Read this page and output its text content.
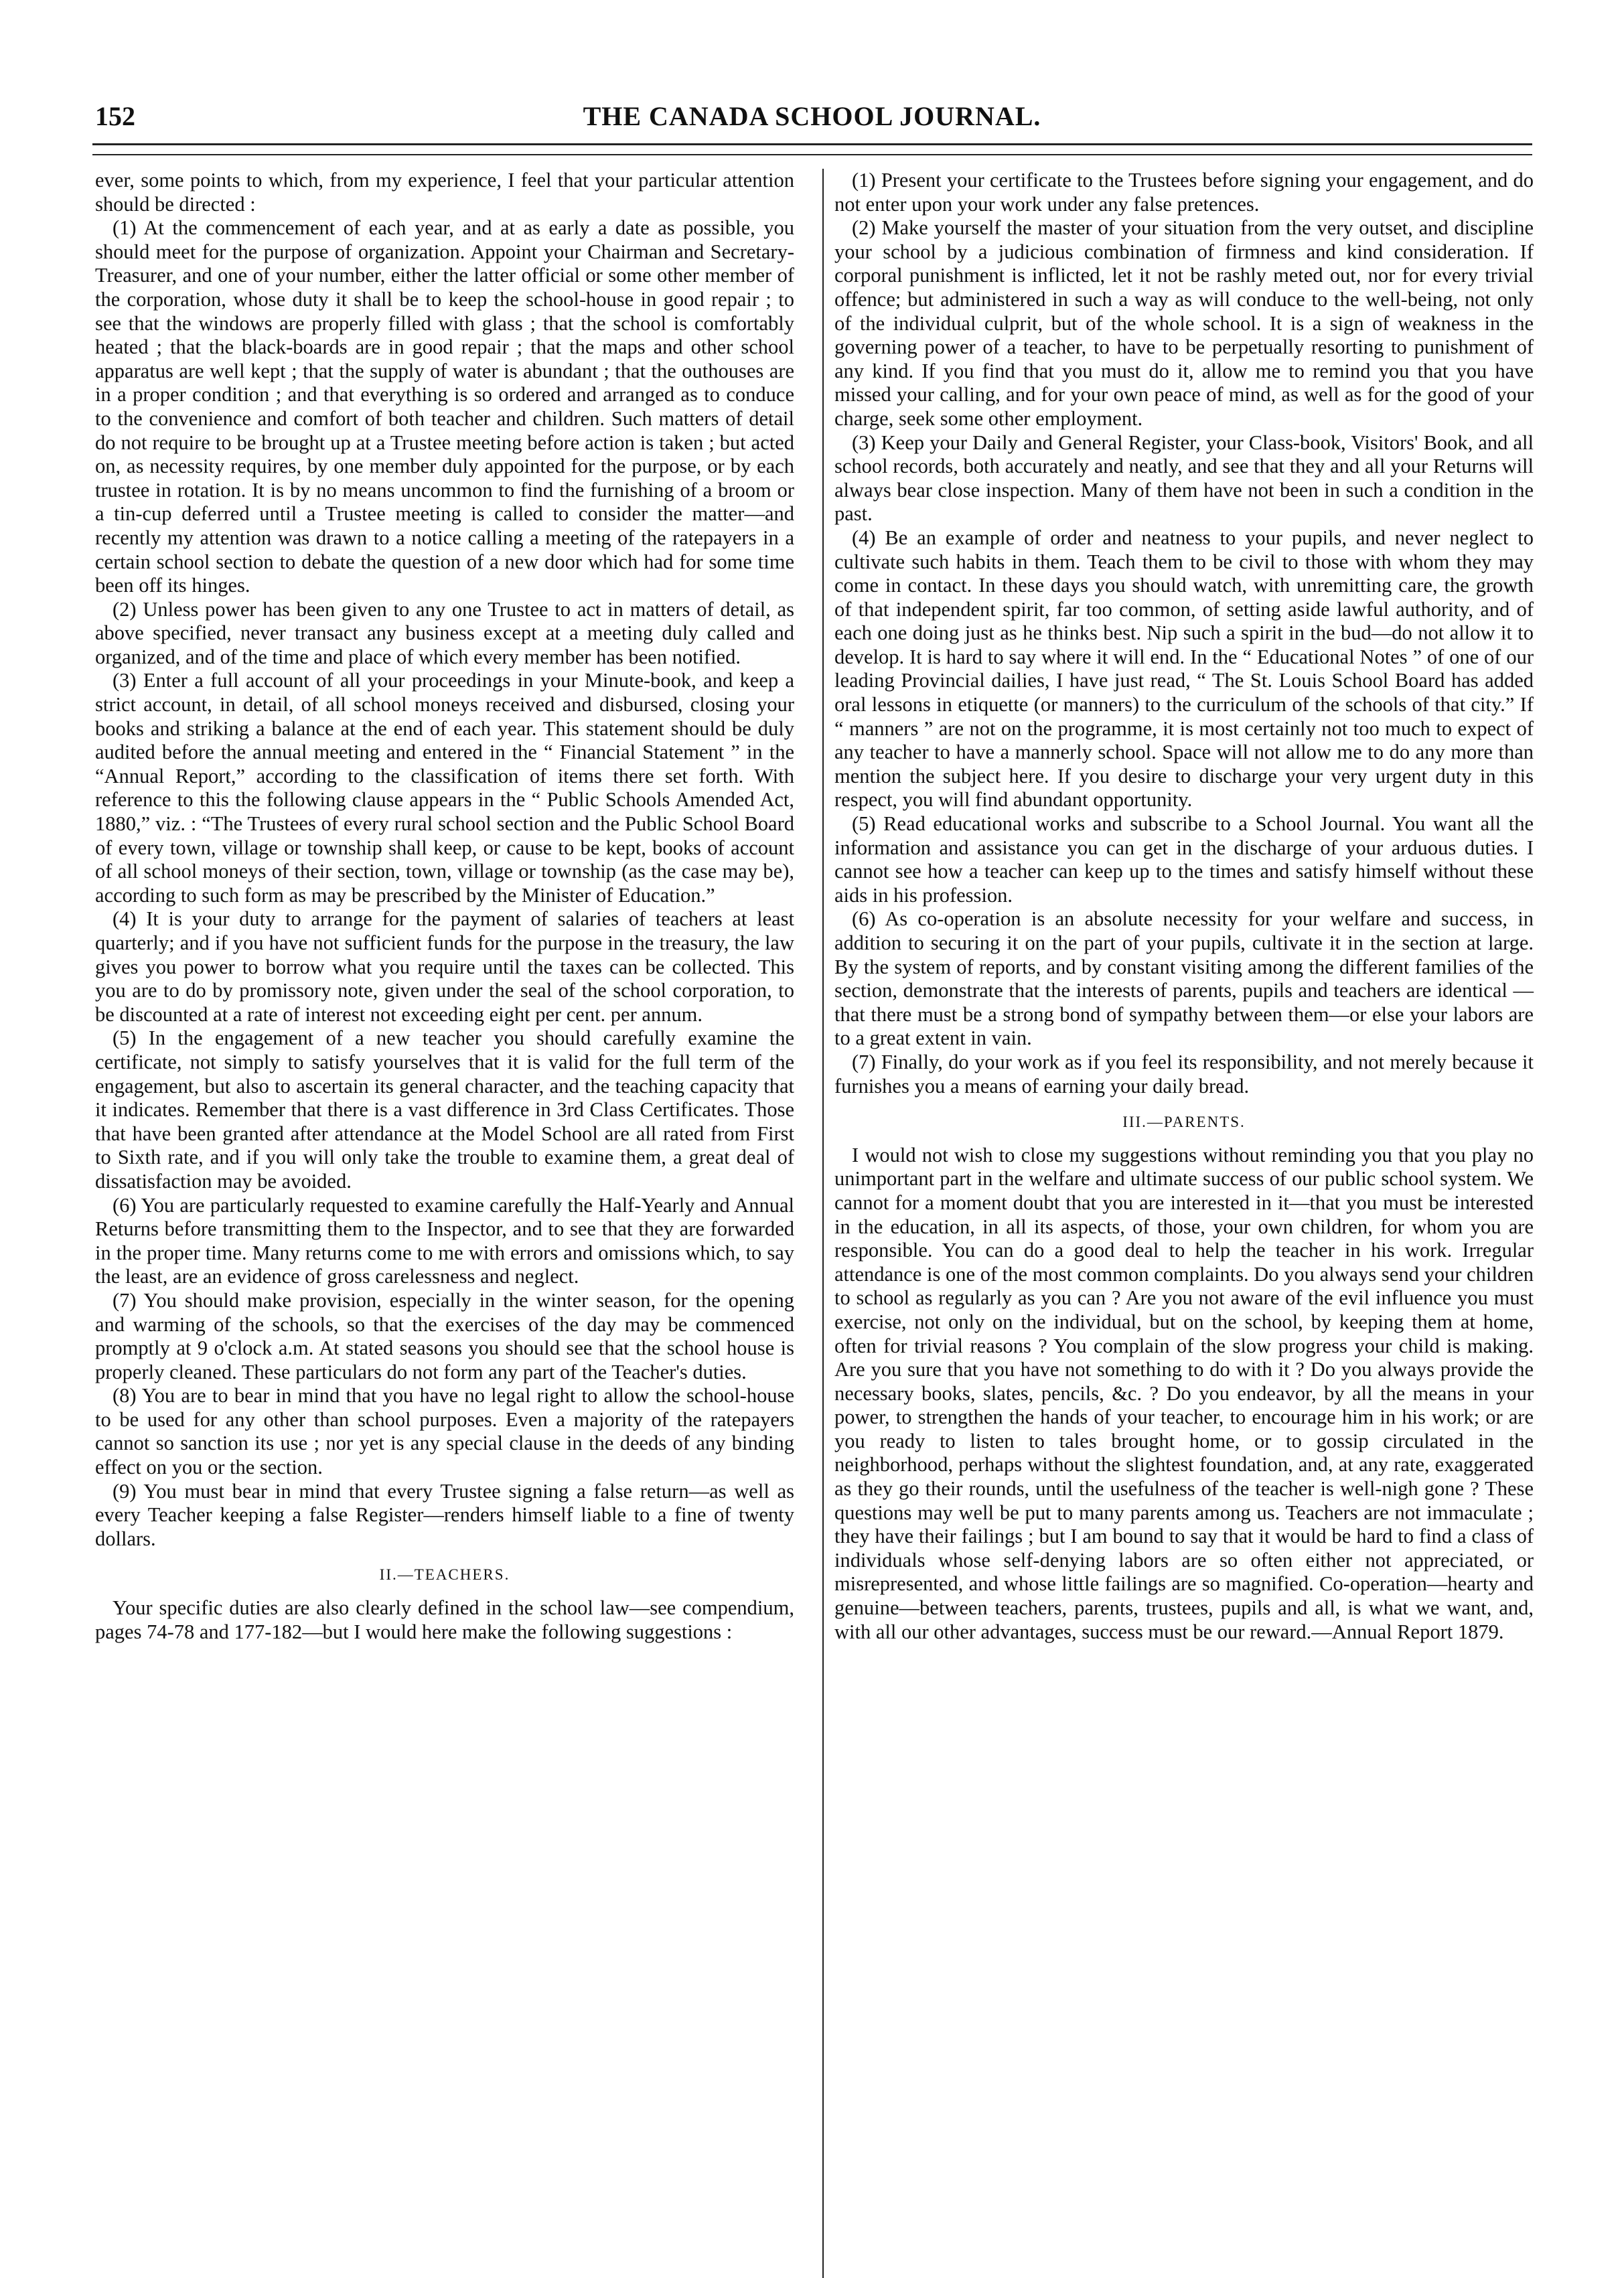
152	THE CANADA SCHOOL JOURNAL.

ever, some points to which, from my experience, I feel that your particular attention should be directed :

(1) At the commencement of each year, and at as early a date as possible, you should meet for the purpose of organization. Appoint your Chairman and Secretary-Treasurer, and one of your number, either the latter official or some other member of the corporation, whose duty it shall be to keep the school-house in good repair ; to see that the windows are properly filled with glass ; that the school is comfortably heated ; that the black-boards are in good repair ; that the maps and other school apparatus are well kept ; that the supply of water is abundant ; that the outhouses are in a proper condition ; and that everything is so ordered and arranged as to conduce to the convenience and comfort of both teacher and children. Such matters of detail do not require to be brought up at a Trustee meeting before action is taken ; but acted on, as necessity requires, by one member duly appointed for the purpose, or by each trustee in rotation. It is by no means uncommon to find the furnishing of a broom or a tin-cup deferred until a Trustee meeting is called to consider the matter—and recently my attention was drawn to a notice calling a meeting of the ratepayers in a certain school section to debate the question of a new door which had for some time been off its hinges.

(2) Unless power has been given to any one Trustee to act in matters of detail, as above specified, never transact any business except at a meeting duly called and organized, and of the time and place of which every member has been notified.

(3) Enter a full account of all your proceedings in your Minute-book, and keep a strict account, in detail, of all school moneys received and disbursed, closing your books and striking a balance at the end of each year. This statement should be duly audited before the annual meeting and entered in the “ Financial Statement ” in the “Annual Report,” according to the classification of items there set forth. With reference to this the following clause appears in the “ Public Schools Amended Act, 1880,” viz. : “The Trustees of every rural school section and the Public School Board of every town, village or township shall keep, or cause to be kept, books of account of all school moneys of their section, town, village or township (as the case may be), according to such form as may be prescribed by the Minister of Education.”

(4) It is your duty to arrange for the payment of salaries of teachers at least quarterly; and if you have not sufficient funds for the purpose in the treasury, the law gives you power to borrow what you require until the taxes can be collected. This you are to do by promissory note, given under the seal of the school corporation, to be discounted at a rate of interest not exceeding eight per cent. per annum.

(5) In the engagement of a new teacher you should carefully examine the certificate, not simply to satisfy yourselves that it is valid for the full term of the engagement, but also to ascertain its general character, and the teaching capacity that it indicates. Remember that there is a vast difference in 3rd Class Certificates. Those that have been granted after attendance at the Model School are all rated from First to Sixth rate, and if you will only take the trouble to examine them, a great deal of dissatisfaction may be avoided.

(6) You are particularly requested to examine carefully the Half-Yearly and Annual Returns before transmitting them to the Inspector, and to see that they are forwarded in the proper time. Many returns come to me with errors and omissions which, to say the least, are an evidence of gross carelessness and neglect.

(7) You should make provision, especially in the winter season, for the opening and warming of the schools, so that the exercises of the day may be commenced promptly at 9 o'clock a.m. At stated seasons you should see that the school house is properly cleaned. These particulars do not form any part of the Teacher's duties.

(8) You are to bear in mind that you have no legal right to allow the school-house to be used for any other than school purposes. Even a majority of the ratepayers cannot so sanction its use ; nor yet is any special clause in the deeds of any binding effect on you or the section.

(9) You must bear in mind that every Trustee signing a false return—as well as every Teacher keeping a false Register—renders himself liable to a fine of twenty dollars.

II.—TEACHERS.

Your specific duties are also clearly defined in the school law—see compendium, pages 74-78 and 177-182—but I would here make the following suggestions :

(1) Present your certificate to the Trustees before signing your engagement, and do not enter upon your work under any false pretences.

(2) Make yourself the master of your situation from the very outset, and discipline your school by a judicious combination of firmness and kind consideration. If corporal punishment is inflicted, let it not be rashly meted out, nor for every trivial offence; but administered in such a way as will conduce to the well-being, not only of the individual culprit, but of the whole school. It is a sign of weakness in the governing power of a teacher, to have to be perpetually resorting to punishment of any kind. If you find that you must do it, allow me to remind you that you have missed your calling, and for your own peace of mind, as well as for the good of your charge, seek some other employment.

(3) Keep your Daily and General Register, your Class-book, Visitors' Book, and all school records, both accurately and neatly, and see that they and all your Returns will always bear close inspection. Many of them have not been in such a condition in the past.

(4) Be an example of order and neatness to your pupils, and never neglect to cultivate such habits in them. Teach them to be civil to those with whom they may come in contact. In these days you should watch, with unremitting care, the growth of that independent spirit, far too common, of setting aside lawful authority, and of each one doing just as he thinks best. Nip such a spirit in the bud—do not allow it to develop. It is hard to say where it will end. In the “ Educational Notes ” of one of our leading Provincial dailies, I have just read, “ The St. Louis School Board has added oral lessons in etiquette (or manners) to the curriculum of the schools of that city.” If “ manners ” are not on the programme, it is most certainly not too much to expect of any teacher to have a mannerly school. Space will not allow me to do any more than mention the subject here. If you desire to discharge your very urgent duty in this respect, you will find abundant opportunity.

(5) Read educational works and subscribe to a School Journal. You want all the information and assistance you can get in the discharge of your arduous duties. I cannot see how a teacher can keep up to the times and satisfy himself without these aids in his profession.

(6) As co-operation is an absolute necessity for your welfare and success, in addition to securing it on the part of your pupils, cultivate it in the section at large. By the system of reports, and by constant visiting among the different families of the section, demonstrate that the interests of parents, pupils and teachers are identical —that there must be a strong bond of sympathy between them—or else your labors are to a great extent in vain.

(7) Finally, do your work as if you feel its responsibility, and not merely because it furnishes you a means of earning your daily bread.

III.—PARENTS.

I would not wish to close my suggestions without reminding you that you play no unimportant part in the welfare and ultimate success of our public school system. We cannot for a moment doubt that you are interested in it—that you must be interested in the education, in all its aspects, of those, your own children, for whom you are responsible. You can do a good deal to help the teacher in his work. Irregular attendance is one of the most common complaints. Do you always send your children to school as regularly as you can ? Are you not aware of the evil influence you must exercise, not only on the individual, but on the school, by keeping them at home, often for trivial reasons ? You complain of the slow progress your child is making. Are you sure that you have not something to do with it ? Do you always provide the necessary books, slates, pencils, &c. ? Do you endeavor, by all the means in your power, to strengthen the hands of your teacher, to encourage him in his work; or are you ready to listen to tales brought home, or to gossip circulated in the neighborhood, perhaps without the slightest foundation, and, at any rate, exaggerated as they go their rounds, until the usefulness of the teacher is well-nigh gone ? These questions may well be put to many parents among us. Teachers are not immaculate ; they have their failings ; but I am bound to say that it would be hard to find a class of individuals whose self-denying labors are so often either not appreciated, or misrepresented, and whose little failings are so magnified. Co-operation—hearty and genuine—between teachers, parents, trustees, pupils and all, is what we want, and, with all our other advantages, success must be our reward.—Annual Report 1879.
